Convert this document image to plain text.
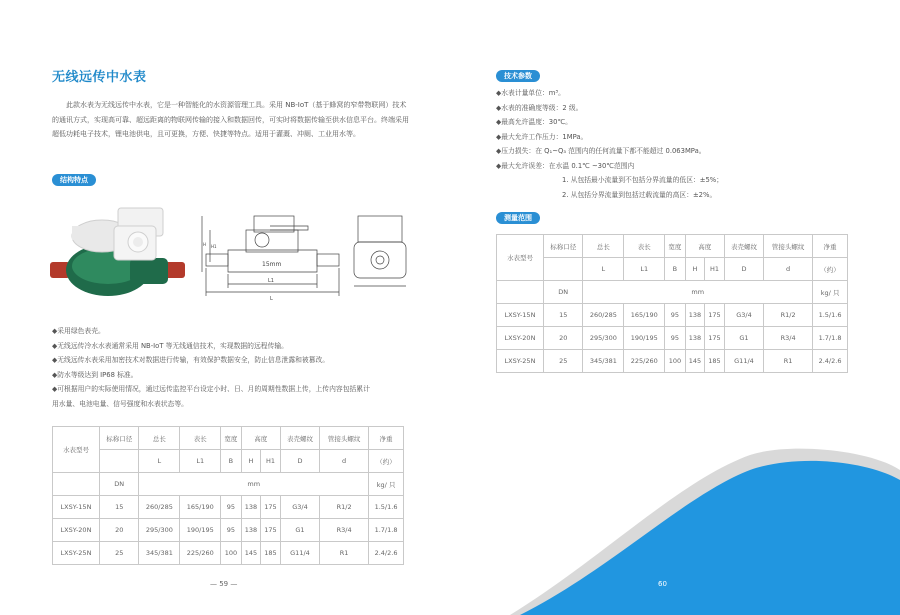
无线远传中水表

此款水表为无线远传中水表，它是一种智能化的水资源管理工具。采用 NB-IoT（基于蜂窝的窄带物联网）技术的通讯方式，实现高可靠、超远距离的物联网传输的接入和数据回传，可实时将数据传输至供水信息平台。终端采用超低功耗电子技术，锂电池供电，且可更换，方便、快捷等特点。适用于灌溉、冲厕、工业用水等。

结构特点
15mm
L1
L
H H1
◆采用绿色表壳。
◆无线远传冷水水表通常采用 NB-IoT 等无线通信技术，实现数据的远程传输。
◆无线远传水表采用加密技术对数据进行传输，有效保护数据安全，防止信息泄露和被篡改。
◆防水等级达到 IP68 标准。
◆可根据用户的实际使用情况，通过远传监控平台设定小时、日、月的周期性数据上传，上传内容包括累计
用水量、电池电量、信号强度和水表状态等。
水表型号	标称口径	总长	表长	宽度	高度		表壳螺纹	管接头螺纹	净重
		L	L1	B	H	H1	D	d	（约）
	DN	mm							kg/ 只
LXSY-15N	15	260/285	165/190	95	138	175	G3/4	R1/2	1.5/1.6
LXSY-20N	20	295/300	190/195	95	138	175	G1	R3/4	1.7/1.8
LXSY-25N	25	345/381	225/260	100	145	185	G11/4	R1	2.4/2.6
— 59 —
技术参数
◆水表计量单位：m³。
◆水表的准确度等级：2 级。
◆最高允许温度：30℃。
◆最大允许工作压力：1MPa。
◆压力损失：在 Q₁~Q₃ 范围内的任何流量下都不能超过 0.063MPa。
◆最大允许误差：在水温 0.1℃ ~30℃范围内
1. 从包括最小流量到不包括分界流量的低区：±5%；
2. 从包括分界流量到包括过载流量的高区：±2%。
测量范围
水表型号	标称口径	总长	表长	宽度	高度		表壳螺纹	管接头螺纹	净重
		L	L1	B	H	H1	D	d	（约）
	DN	mm							kg/ 只
LXSY-15N	15	260/285	165/190	95	138	175	G3/4	R1/2	1.5/1.6
LXSY-20N	20	295/300	190/195	95	138	175	G1	R3/4	1.7/1.8
LXSY-25N	25	345/381	225/260	100	145	185	G11/4	R1	2.4/2.6
60
